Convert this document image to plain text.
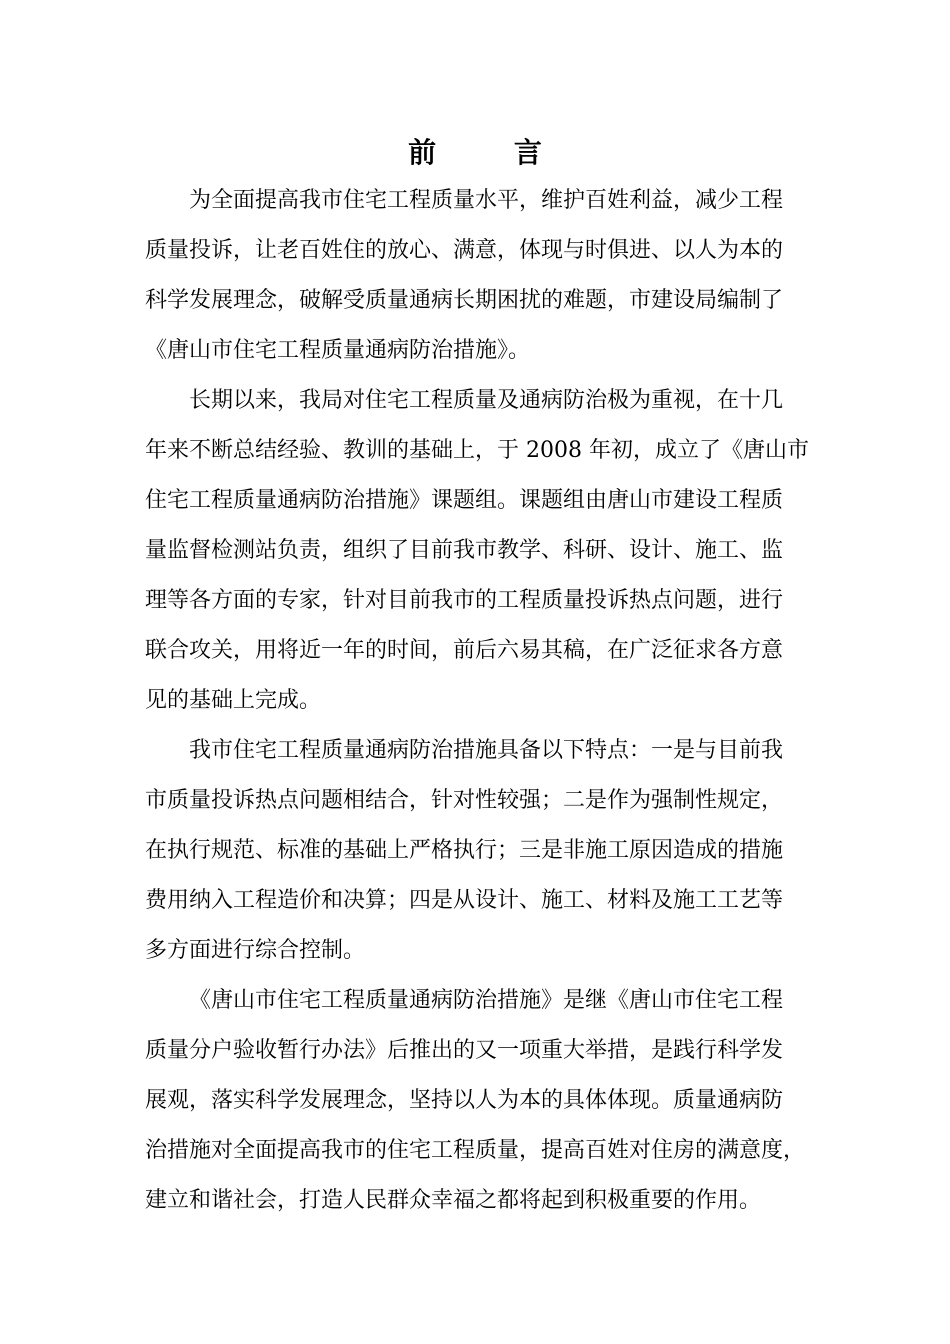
前 言
为全面提高我市住宅工程质量水平，维护百姓利益，减少工程
质量投诉，让老百姓住的放心、满意，体现与时俱进、以人为本的
科学发展理念，破解受质量通病长期困扰的难题，市建设局编制了
《唐山市住宅工程质量通病防治措施》。
长期以来，我局对住宅工程质量及通病防治极为重视，在十几
年来不断总结经验、教训的基础上，于 2008 年初，成立了《唐山市
住宅工程质量通病防治措施》课题组。课题组由唐山市建设工程质
量监督检测站负责，组织了目前我市教学、科研、设计、施工、监
理等各方面的专家，针对目前我市的工程质量投诉热点问题，进行
联合攻关，用将近一年的时间，前后六易其稿，在广泛征求各方意
见的基础上完成。
我市住宅工程质量通病防治措施具备以下特点：一是与目前我
市质量投诉热点问题相结合，针对性较强；二是作为强制性规定，
在执行规范、标准的基础上严格执行；三是非施工原因造成的措施
费用纳入工程造价和决算；四是从设计、施工、材料及施工工艺等
多方面进行综合控制。
《唐山市住宅工程质量通病防治措施》是继《唐山市住宅工程
质量分户验收暂行办法》后推出的又一项重大举措，是践行科学发
展观，落实科学发展理念，坚持以人为本的具体体现。质量通病防
治措施对全面提高我市的住宅工程质量，提高百姓对住房的满意度，
建立和谐社会，打造人民群众幸福之都将起到积极重要的作用。
